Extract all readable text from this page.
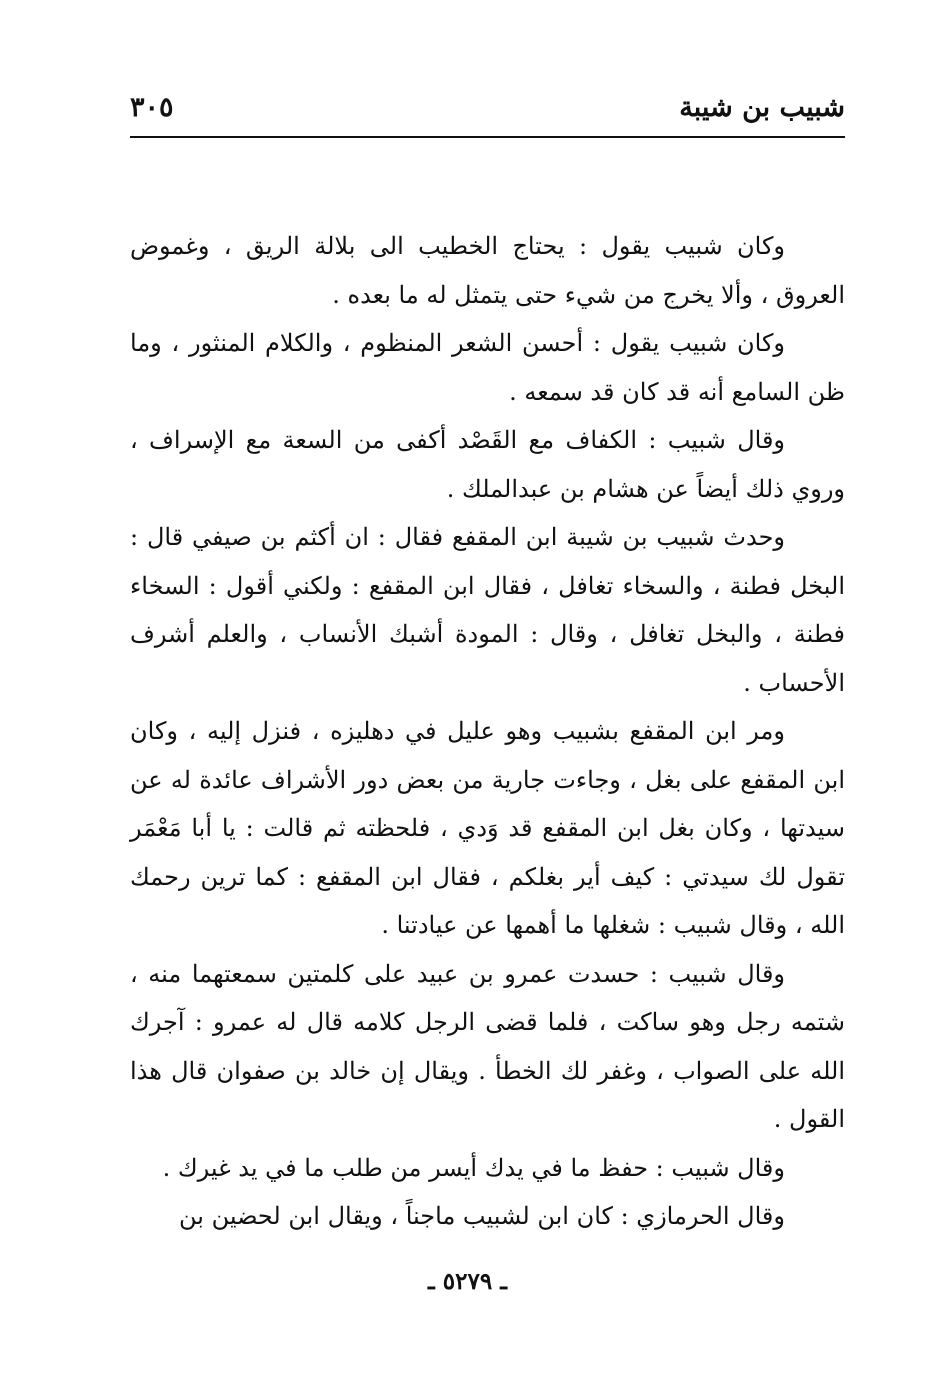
شبيب بن شيبة
٣٠٥

وكان شبيب يقول : يحتاج الخطيب الى بلالة الريق ، وغموض العروق ، وألا يخرج من شيء حتى يتمثل له ما بعده .

وكان شبيب يقول : أحسن الشعر المنظوم ، والكلام المنثور ، وما ظن السامع أنه قد كان قد سمعه .

وقال شبيب : الكفاف مع القَصْد أكفى من السعة مع الإسراف ، وروي ذلك أيضاً عن هشام بن عبدالملك .

وحدث شبيب بن شيبة ابن المقفع فقال : ان أكثم بن صيفي قال : البخل فطنة ، والسخاء تغافل ، فقال ابن المقفع : ولكني أقول : السخاء فطنة ، والبخل تغافل ، وقال : المودة أشبك الأنساب ، والعلم أشرف الأحساب .

ومر ابن المقفع بشبيب وهو عليل في دهليزه ، فنزل إليه ، وكان ابن المقفع على بغل ، وجاءت جارية من بعض دور الأشراف عائدة له عن سيدتها ، وكان بغل ابن المقفع قد وَدي ، فلحظته ثم قالت : يا أبا مَعْمَر تقول لك سيدتي : كيف أير بغلكم ، فقال ابن المقفع : كما ترين رحمك الله ، وقال شبيب : شغلها ما أهمها عن عيادتنا .

وقال شبيب : حسدت عمرو بن عبيد على كلمتين سمعتهما منه ، شتمه رجل وهو ساكت ، فلما قضى الرجل كلامه قال له عمرو : آجرك الله على الصواب ، وغفر لك الخطأ . ويقال إن خالد بن صفوان قال هذا القول .

وقال شبيب : حفظ ما في يدك أيسر من طلب ما في يد غيرك .

وقال الحرمازي : كان ابن لشبيب ماجناً ، ويقال ابن لحضين بن

ـ ٥٢٧٩ ـ
